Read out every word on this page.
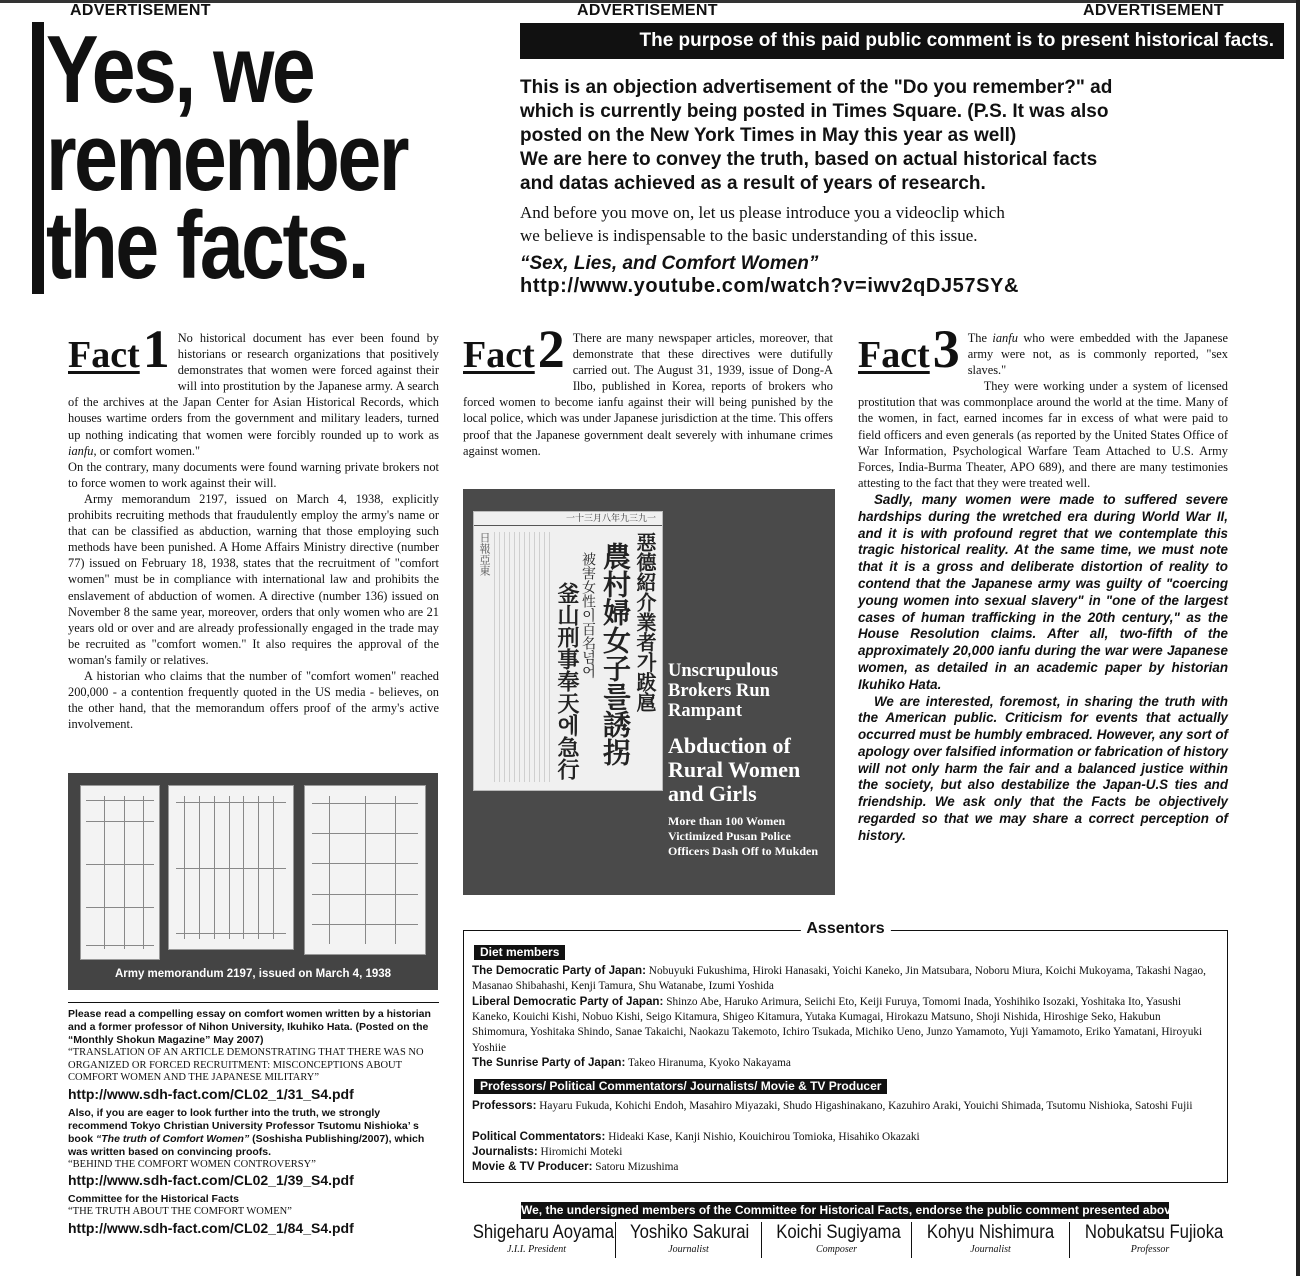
ADVERTISEMENT	ADVERTISEMENT	ADVERTISEMENT
Yes, we
remember
the facts.
The purpose of this paid public comment is to present historical facts.
This is an objection advertisement of the "Do you remember?" ad
which is currently being posted in Times Square. (P.S. It was also
posted on the New York Times in May this year as well)
We are here to convey the truth, based on actual historical facts
and datas achieved as a result of years of research.
And before you move on, let us please introduce you a videoclip which
we believe is indispensable to the basic understanding of this issue.
“Sex, Lies, and Comfort Women”
http://www.youtube.com/watch?v=iwv2qDJ57SY&
Fact1 No historical document has ever been found by historians or research organizations that positively demonstrates that women were forced against their will into prostitution by the Japanese army. A search of the archives at the Japan Center for Asian Historical Records, which houses wartime orders from the government and military leaders, turned up nothing indicating that women were forcibly rounded up to work as ianfu, or comfort women."

On the contrary, many documents were found warning private brokers not to force women to work against their will.

Army memorandum 2197, issued on March 4, 1938, explicitly prohibits recruiting methods that fraudulently employ the army's name or that can be classified as abduction, warning that those employing such methods have been punished. A Home Affairs Ministry directive (number 77) issued on February 18, 1938, states that the recruitment of "comfort women" must be in compliance with international law and prohibits the enslavement of abduction of women. A directive (number 136) issued on November 8 the same year, moreover, orders that only women who are 21 years old or over and are already professionally engaged in the trade may be recruited as "comfort women." It also requires the approval of the woman's family or relatives.

A historian who claims that the number of "comfort women" reached 200,000 - a contention frequently quoted in the US media - believes, on the other hand, that the memorandum offers proof of the army's active involvement.

Army memorandum 2197, issued on March 4, 1938
Please read a compelling essay on comfort women written by a historian and a former professor of Nihon University, Ikuhiko Hata. (Posted on the “Monthly Shokun Magazine” May 2007)
“TRANSLATION OF AN ARTICLE DEMONSTRATING THAT THERE WAS NO ORGANIZED OR FORCED RECRUITMENT: MISCONCEPTIONS ABOUT COMFORT WOMEN AND THE JAPANESE MILITARY”
http://www.sdh-fact.com/CL02_1/31_S4.pdf
Also, if you are eager to look further into the truth, we strongly recommend Tokyo Christian University Professor Tsutomu Nishioka’ s book “The truth of Comfort Women” (Soshisha Publishing/2007), which was written based on convincing proofs.
“BEHIND THE COMFORT WOMEN CONTROVERSY”
http://www.sdh-fact.com/CL02_1/39_S4.pdf
Committee for the Historical Facts
“THE TRUTH ABOUT THE COMFORT WOMEN”
http://www.sdh-fact.com/CL02_1/84_S4.pdf
Fact2 There are many newspaper articles, moreover, that demonstrate that these directives were dutifully carried out. The August 31, 1939, issue of Dong-A Ilbo, published in Korea, reports of brokers who forced women to become ianfu against their will being punished by the local police, which was under Japanese jurisdiction at the time. This offers proof that the Japanese government dealt severely with inhumane crimes against women.

一十三月八年九三九一
惡德紹介業者가跋扈
農村婦女子를誘拐
被害女性이百名넘어
釜山刑事奉天에急行
日報亞東
Unscrupulous Brokers Run Rampant
Abduction of Rural Women and Girls
More than 100 Women Victimized Pusan Police Officers Dash Off to Mukden
Fact3 The ianfu who were embedded with the Japanese army were not, as is commonly reported, "sex slaves."

They were working under a system of licensed prostitution that was commonplace around the world at the time. Many of the women, in fact, earned incomes far in excess of what were paid to field officers and even generals (as reported by the United States Office of War Information, Psychological Warfare Team Attached to U.S. Army Forces, India-Burma Theater, APO 689), and there are many testimonies attesting to the fact that they were treated well.

Sadly, many women were made to suffered severe hardships during the wretched era during World War II, and it is with profound regret that we contemplate this tragic historical reality. At the same time, we must note that it is a gross and deliberate distortion of reality to contend that the Japanese army was guilty of "coercing young women into sexual slavery" in "one of the largest cases of human trafficking in the 20th century," as the House Resolution claims. After all, two-fifth of the approximately 20,000 ianfu during the war were Japanese women, as detailed in an academic paper by historian Ikuhiko Hata.

We are interested, foremost, in sharing the truth with the American public. Criticism for events that actually occurred must be humbly embraced. However, any sort of apology over falsified information or fabrication of history will not only harm the fair and a balanced justice within the society, but also destabilize the Japan-U.S ties and friendship. We ask only that the Facts be objectively regarded so that we may share a correct perception of history.

Assentors
Diet members
The Democratic Party of Japan: Nobuyuki Fukushima, Hiroki Hanasaki, Yoichi Kaneko, Jin Matsubara, Noboru Miura, Koichi Mukoyama, Takashi Nagao, Masanao Shibahashi, Kenji Tamura, Shu Watanabe, Izumi Yoshida
Liberal Democratic Party of Japan: Shinzo Abe, Haruko Arimura, Seiichi Eto, Keiji Furuya, Tomomi Inada, Yoshihiko Isozaki, Yoshitaka Ito, Yasushi Kaneko, Kouichi Kishi, Nobuo Kishi, Seigo Kitamura, Shigeo Kitamura, Yutaka Kumagai, Hirokazu Matsuno, Shoji Nishida, Hiroshige Seko, Hakubun Shimomura, Yoshitaka Shindo, Sanae Takaichi, Naokazu Takemoto, Ichiro Tsukada, Michiko Ueno, Junzo Yamamoto, Yuji Yamamoto, Eriko Yamatani, Hiroyuki Yoshiie
The Sunrise Party of Japan: Takeo Hiranuma, Kyoko Nakayama
Professors/ Political Commentators/ Journalists/ Movie & TV Producer
Professors: Hayaru Fukuda, Kohichi Endoh, Masahiro Miyazaki, Shudo Higashinakano, Kazuhiro Araki, Youichi Shimada, Tsutomu Nishioka, Satoshi Fujii
Political Commentators: Hideaki Kase, Kanji Nishio, Kouichirou Tomioka, Hisahiko Okazaki
Journalists: Hiromichi Moteki
Movie & TV Producer: Satoru Mizushima
We, the undersigned members of the Committee for Historical Facts, endorse the public comment presented above
Shigeharu Aoyama
J.I.I. President
Yoshiko Sakurai
Journalist
Koichi Sugiyama
Composer
Kohyu Nishimura
Journalist
Nobukatsu Fujioka
Professor
